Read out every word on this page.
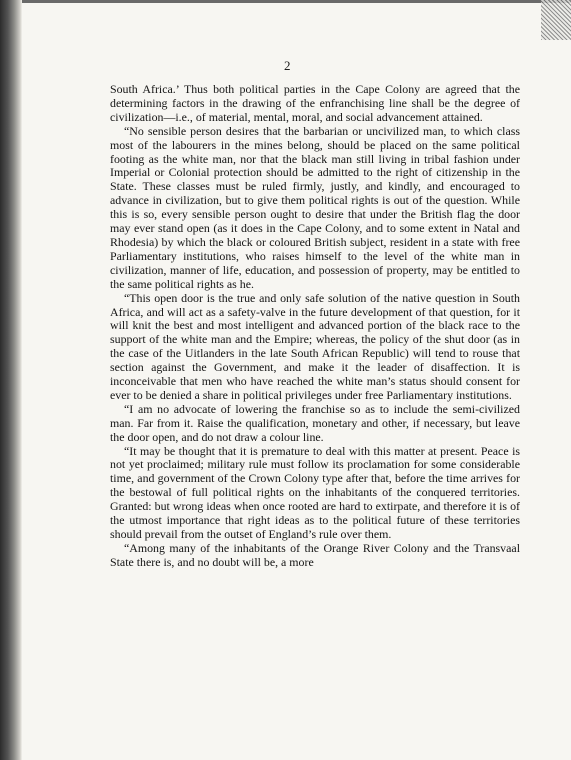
2

South Africa.’ Thus both political parties in the Cape Colony are agreed that the determining factors in the drawing of the enfranchising line shall be the degree of civilization—i.e., of material, mental, moral, and social advancement attained.

“No sensible person desires that the barbarian or uncivilized man, to which class most of the labourers in the mines belong, should be placed on the same political footing as the white man, nor that the black man still living in tribal fashion under Imperial or Colonial protection should be admitted to the right of citizenship in the State. These classes must be ruled firmly, justly, and kindly, and encouraged to advance in civilization, but to give them political rights is out of the question. While this is so, every sensible person ought to desire that under the British flag the door may ever stand open (as it does in the Cape Colony, and to some extent in Natal and Rhodesia) by which the black or coloured British subject, resident in a state with free Parliamentary institutions, who raises himself to the level of the white man in civilization, manner of life, education, and possession of property, may be entitled to the same political rights as he.

“This open door is the true and only safe solution of the native question in South Africa, and will act as a safety-valve in the future development of that question, for it will knit the best and most intelligent and advanced portion of the black race to the support of the white man and the Empire; whereas, the policy of the shut door (as in the case of the Uitlanders in the late South African Republic) will tend to rouse that section against the Government, and make it the leader of disaffection. It is inconceivable that men who have reached the white man’s status should consent for ever to be denied a share in political privileges under free Parliamentary institutions.

“I am no advocate of lowering the franchise so as to include the semi-civilized man. Far from it. Raise the qualification, monetary and other, if necessary, but leave the door open, and do not draw a colour line.

“It may be thought that it is premature to deal with this matter at present. Peace is not yet proclaimed; military rule must follow its proclamation for some considerable time, and government of the Crown Colony type after that, before the time arrives for the bestowal of full political rights on the inhabitants of the conquered territories. Granted: but wrong ideas when once rooted are hard to extirpate, and therefore it is of the utmost importance that right ideas as to the political future of these territories should prevail from the outset of England’s rule over them.

“Among many of the inhabitants of the Orange River Colony and the Transvaal State there is, and no doubt will be, a more
